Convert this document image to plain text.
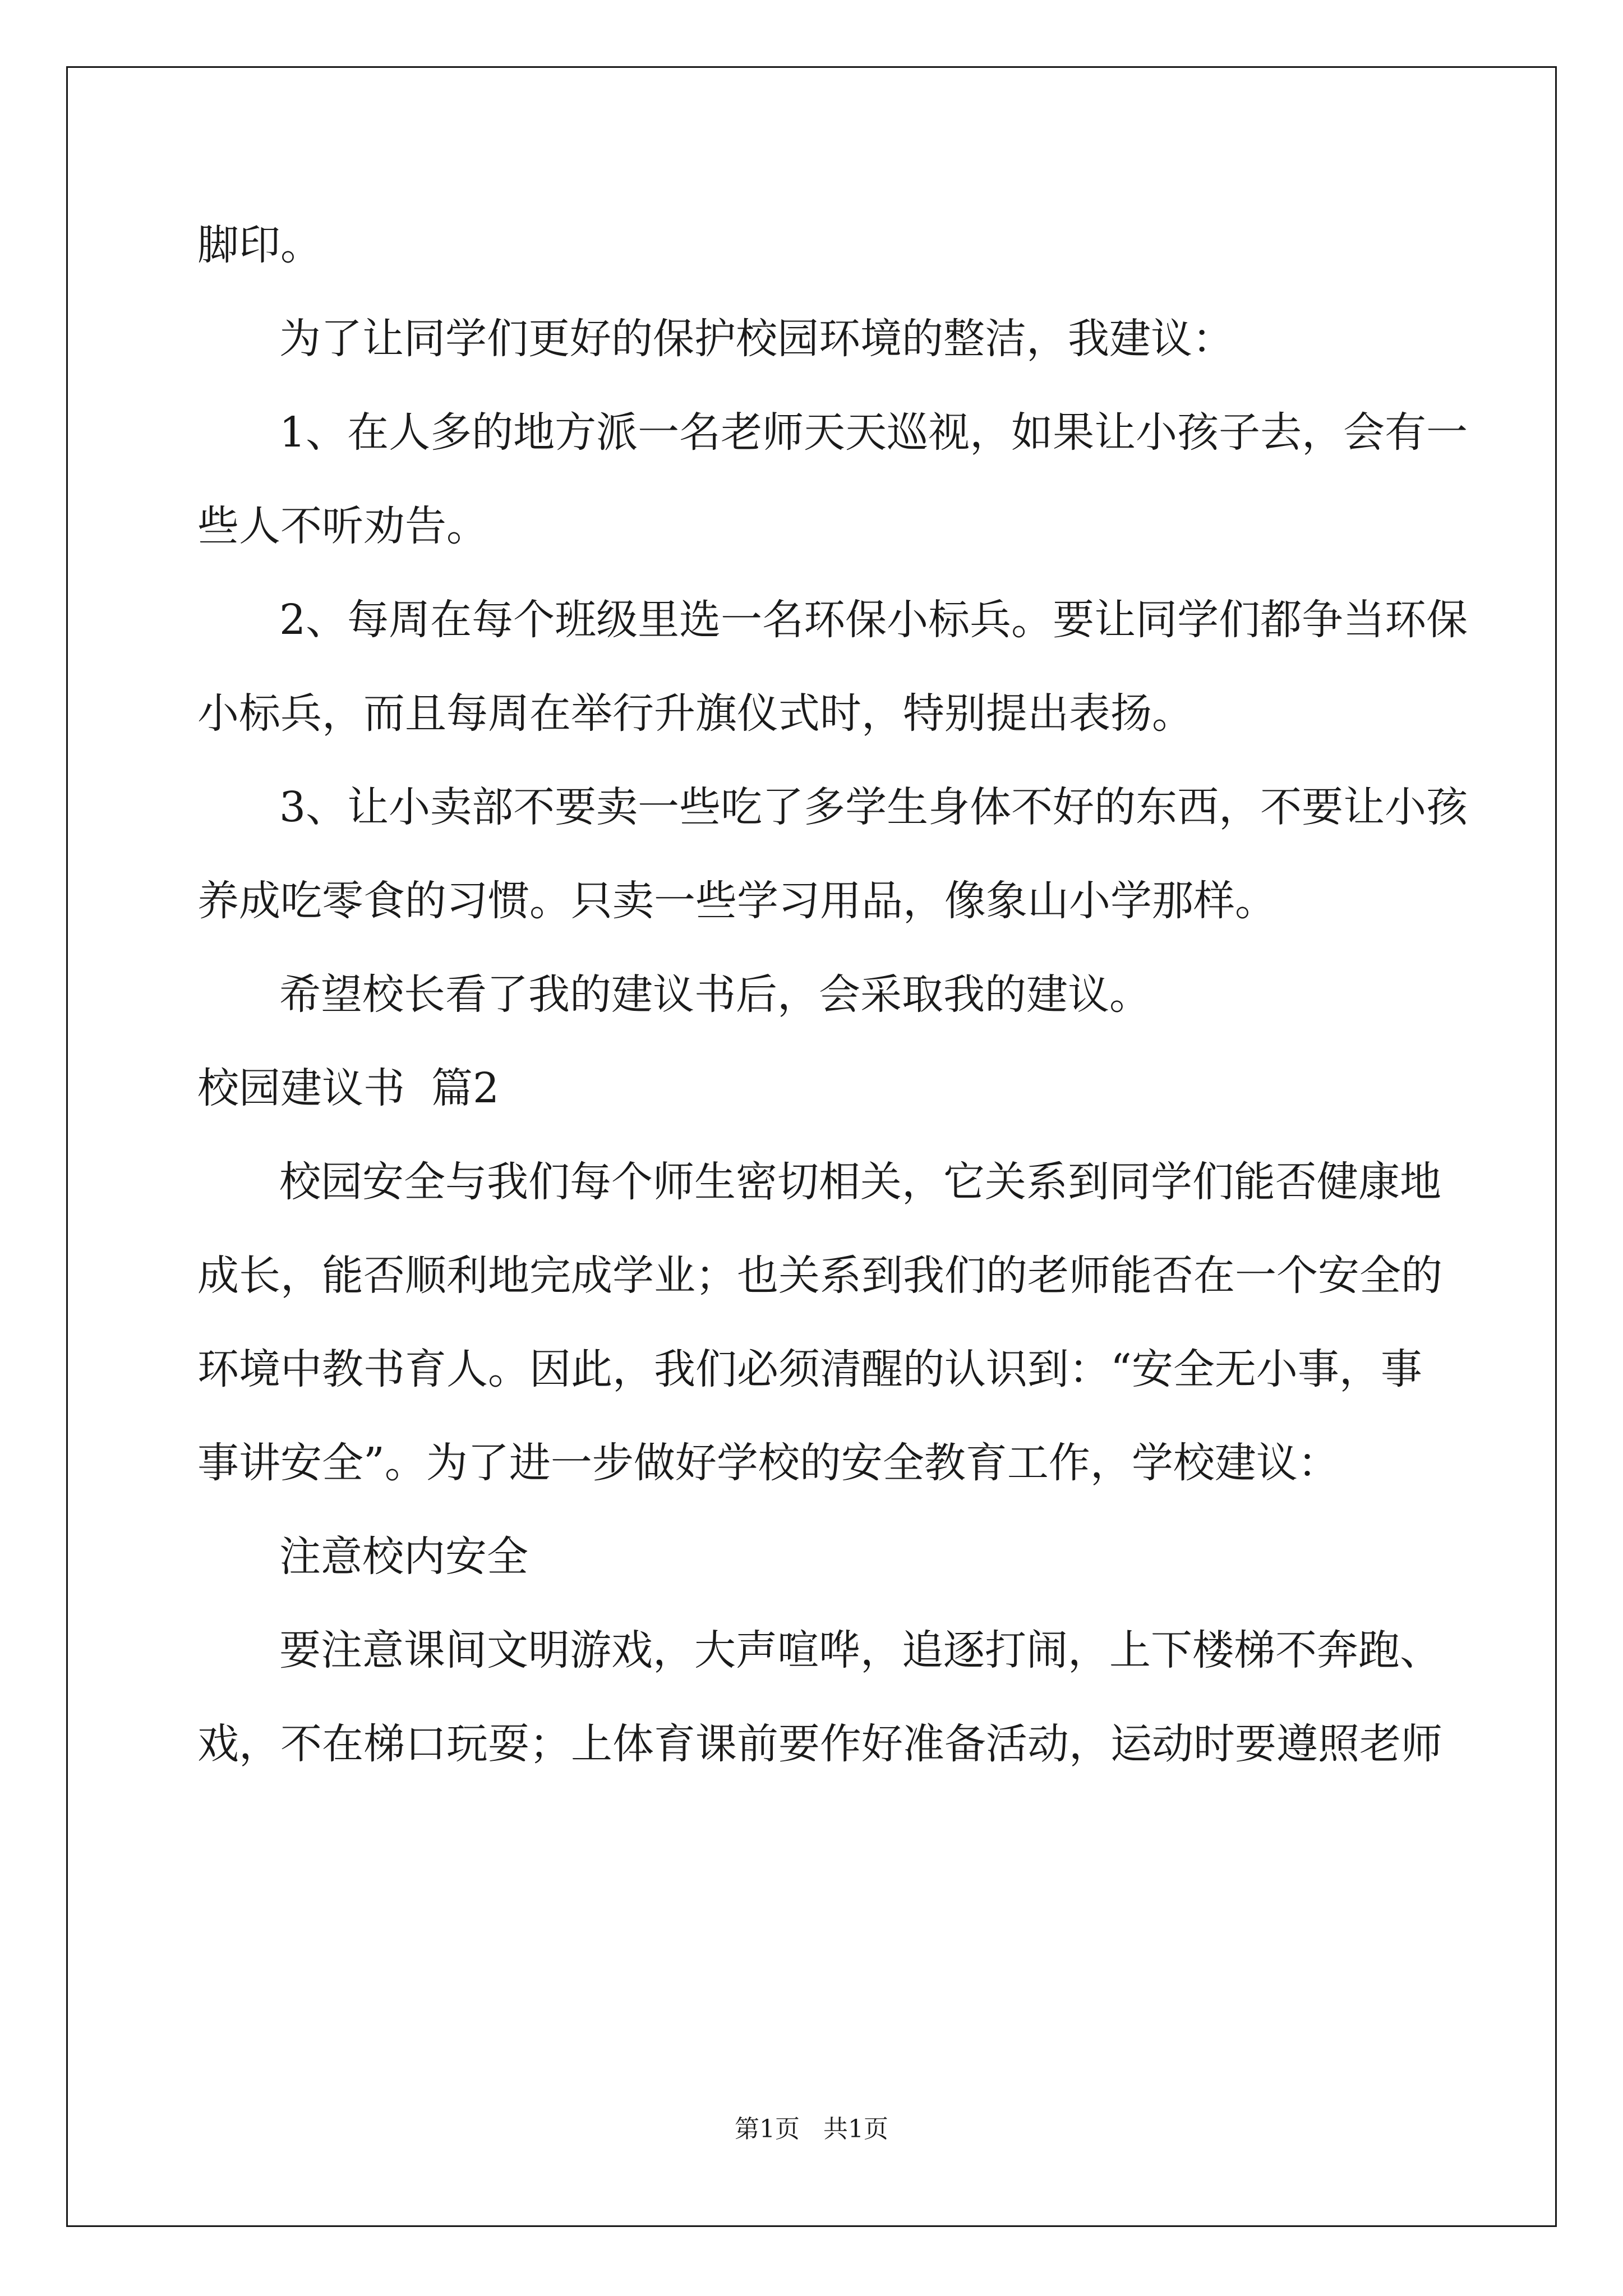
脚印。

为了让同学们更好的保护校园环境的整洁，我建议：

1、在人多的地方派一名老师天天巡视，如果让小孩子去，会有一

些人不听劝告。

2、每周在每个班级里选一名环保小标兵。要让同学们都争当环保

小标兵，而且每周在举行升旗仪式时，特别提出表扬。

3、让小卖部不要卖一些吃了多学生身体不好的东西，不要让小孩

养成吃零食的习惯。只卖一些学习用品，像象山小学那样。

希望校长看了我的建议书后，会采取我的建议。

校园建议书  篇2

校园安全与我们每个师生密切相关，它关系到同学们能否健康地

成长，能否顺利地完成学业；也关系到我们的老师能否在一个安全的

环境中教书育人。因此，我们必须清醒的认识到：“安全无小事，事

事讲安全”。为了进一步做好学校的安全教育工作，学校建议：

注意校内安全

要注意课间文明游戏，大声喧哗，追逐打闹，上下楼梯不奔跑、

戏，不在梯口玩耍；上体育课前要作好准备活动，运动时要遵照老师

第1页   共1页
